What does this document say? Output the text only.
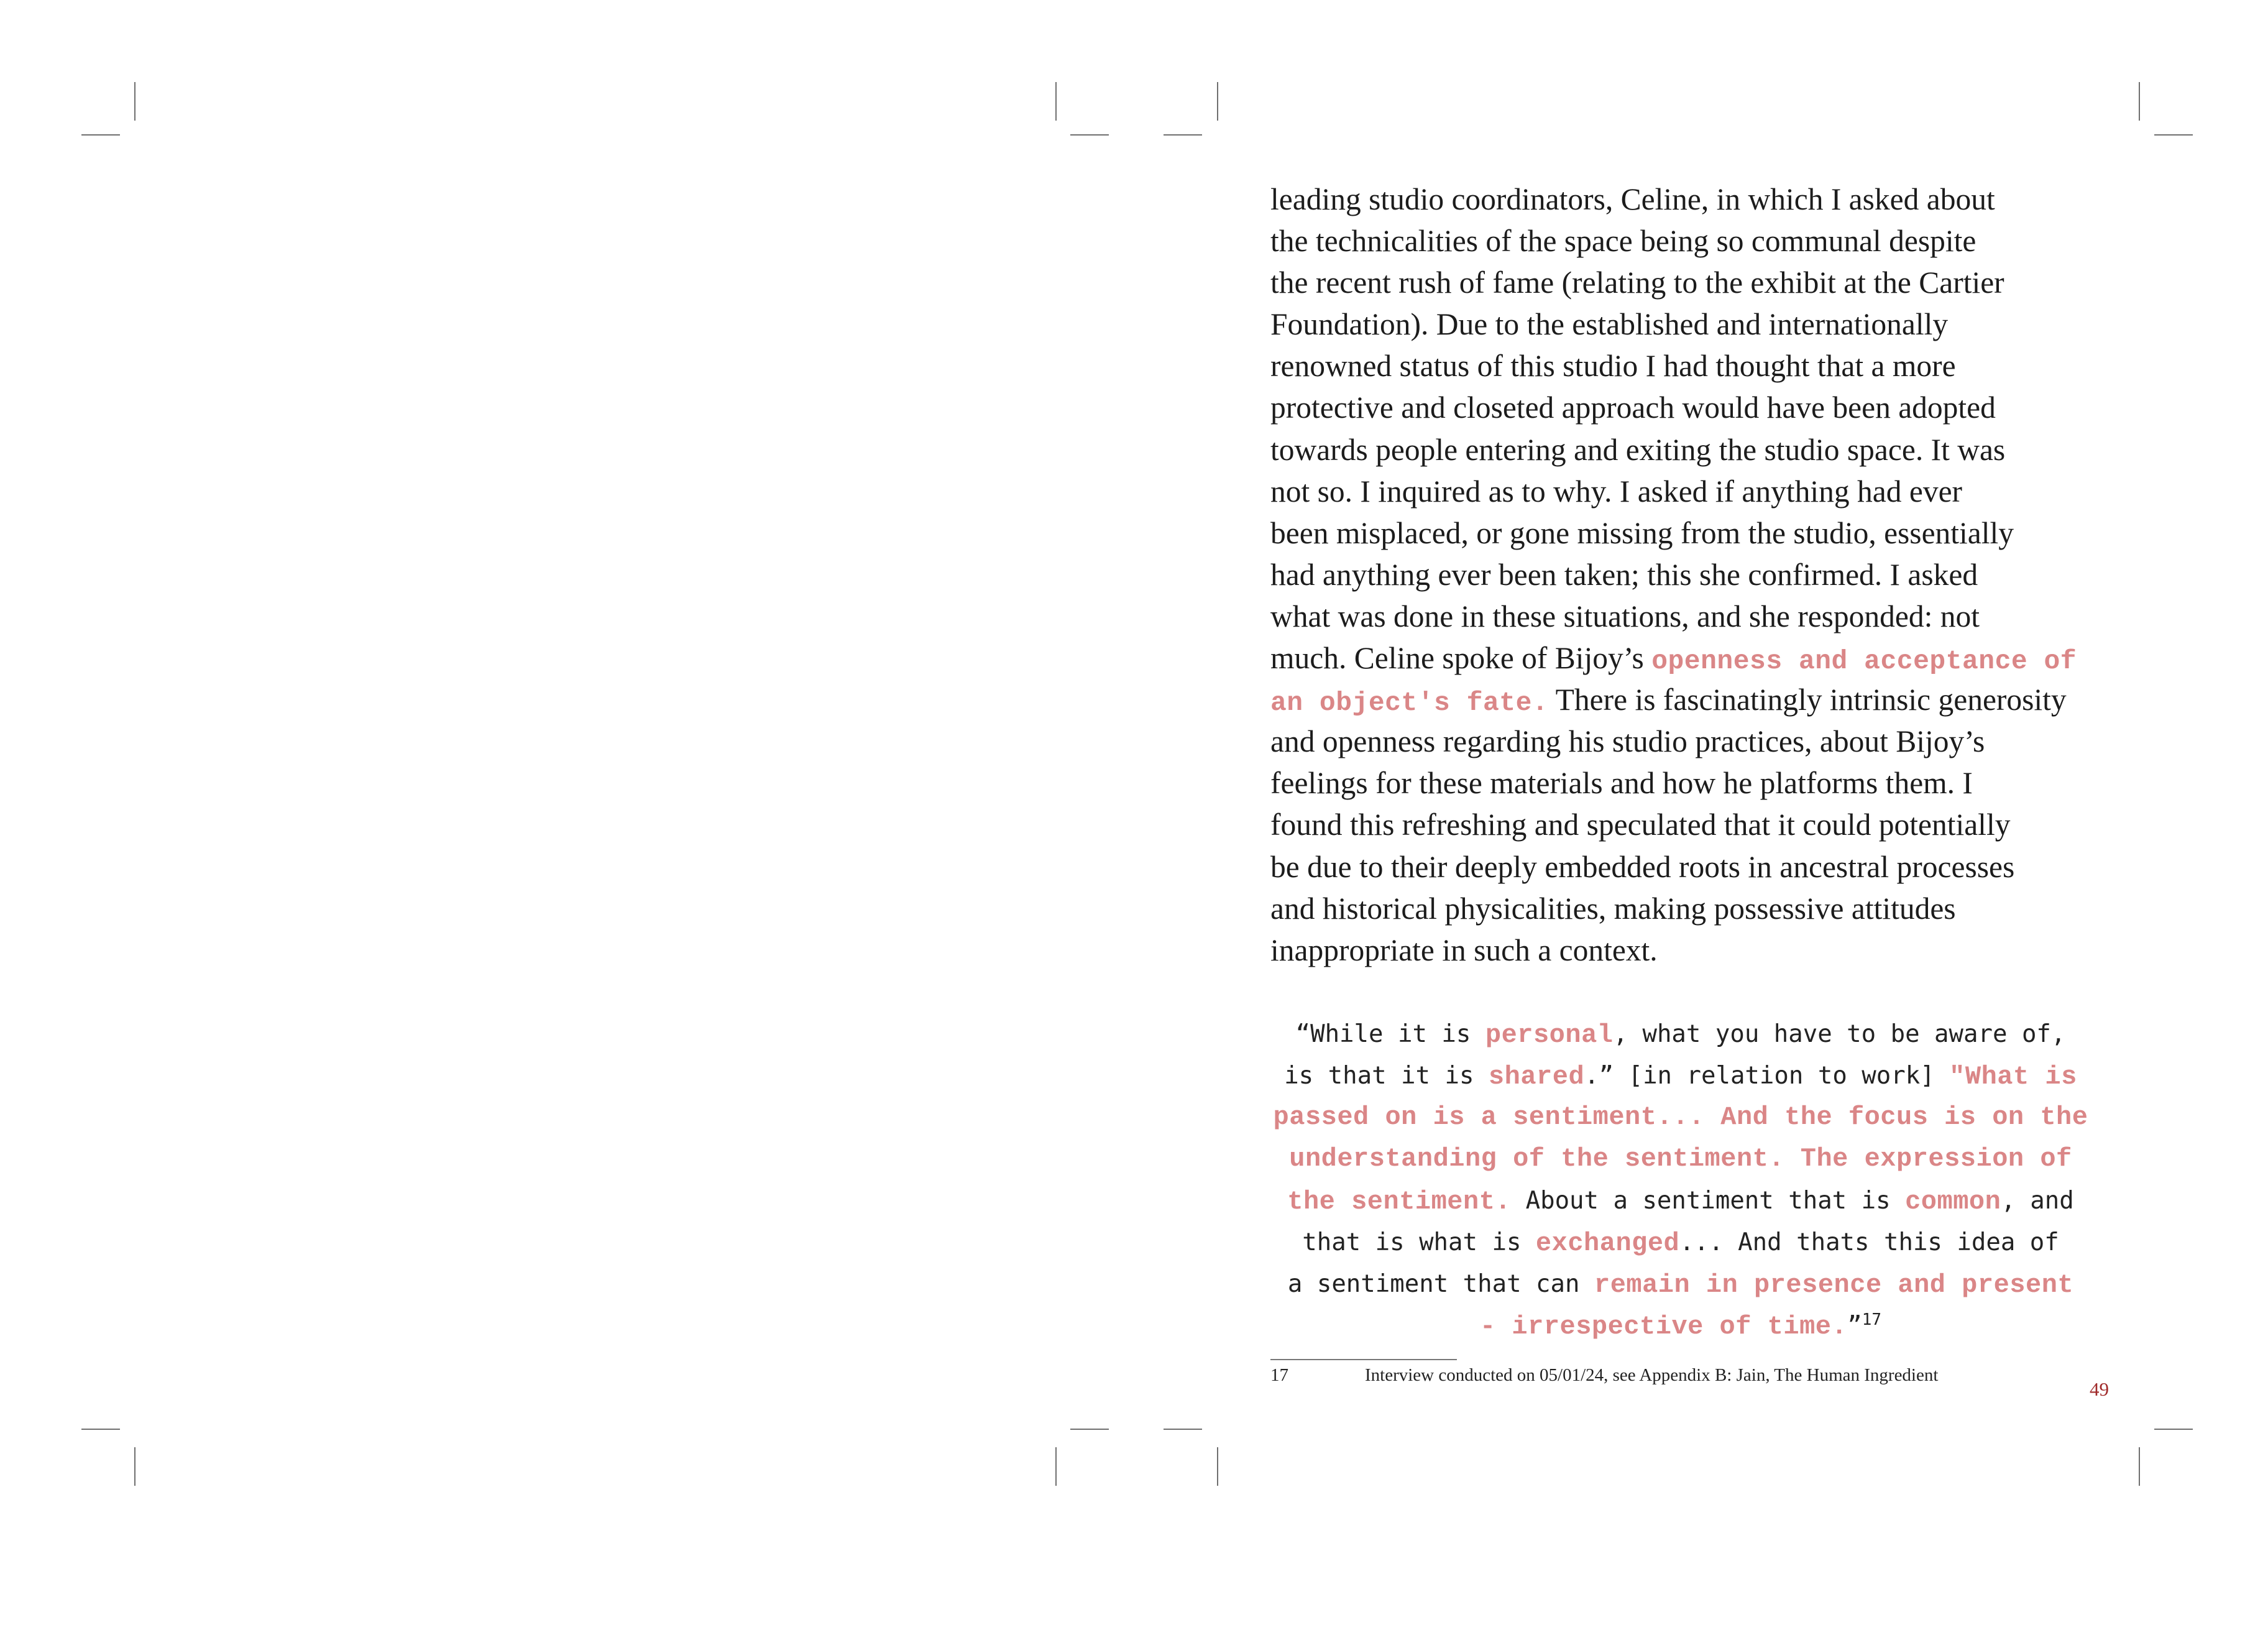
leading studio coordinators, Celine, in which I asked about
the technicalities of the space being so communal despite
the recent rush of fame (relating to the exhibit at the Cartier
Foundation). Due to the established and internationally
renowned status of this studio I had thought that a more
protective and closeted approach would have been adopted
towards people entering and exiting the studio space. It was
not so. I inquired as to why. I asked if anything had ever
been misplaced, or gone missing from the studio, essentially
had anything ever been taken; this she confirmed. I asked
what was done in these situations, and she responded: not
much. Celine spoke of Bijoy’s openness and acceptance of
an object's fate. There is fascinatingly intrinsic generosity
and openness regarding his studio practices, about Bijoy’s
feelings for these materials and how he platforms them. I
found this refreshing and speculated that it could potentially
be due to their deeply embedded roots in ancestral processes
and historical physicalities, making possessive attitudes
inappropriate in such a context.
“While it is personal, what you have to be aware of,
is that it is shared.” [in relation to work] "What is
passed on is a sentiment... And the focus is on the
understanding of the sentiment. The expression of
the sentiment. About a sentiment that is common, and
that is what is exchanged... And thats this idea of
a sentiment that can remain in presence and present
- irrespective of time.”$^{17}$
17	Interview conducted on 05/01/24, see Appendix B: Jain, The Human Ingredient
49
